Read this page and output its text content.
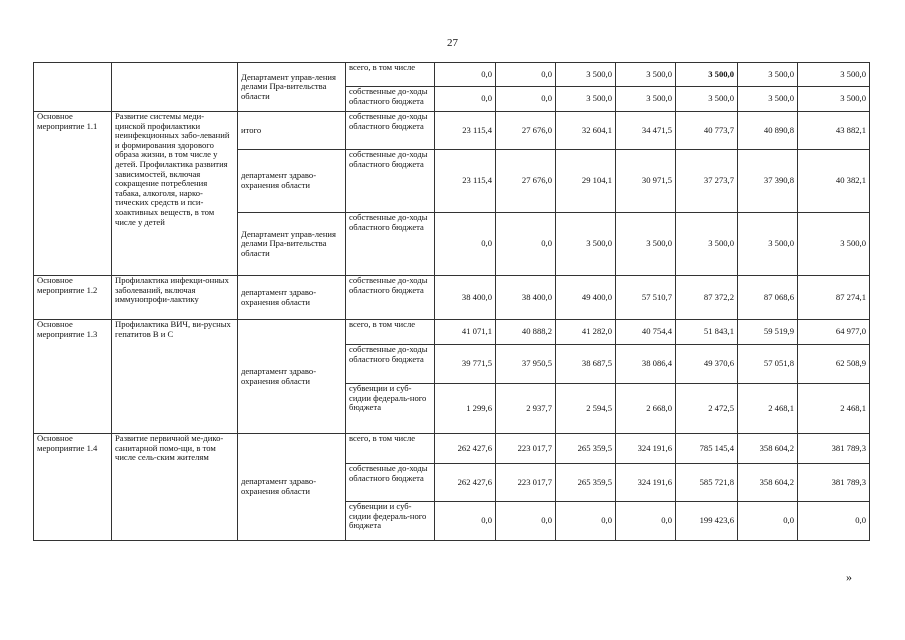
27
		Департамент управ-ления делами Пра-вительства области	всего, в том числе	0,0	0,0	3 500,0	3 500,0	3 500,0	3 500,0	3 500,0
			собственные до-ходы областного бюджета	0,0	0,0	3 500,0	3 500,0	3 500,0	3 500,0	3 500,0
Основное мероприятие 1.1	Развитие системы меди-цинской профилактики неинфекционных забо-леваний и формирования здорового образа жизни, в том числе у детей. Профилактика развития зависимостей, включая сокращение потребления табака, алкоголя, нарко-тических средств и пси-хоактивных веществ, в том числе у детей	итого	собственные до-ходы областного бюджета	23 115,4	27 676,0	32 604,1	34 471,5	40 773,7	40 890,8	43 882,1
		департамент здраво-охранения области	собственные до-ходы областного бюджета	23 115,4	27 676,0	29 104,1	30 971,5	37 273,7	37 390,8	40 382,1
		Департамент управ-ления делами Пра-вительства области	собственные до-ходы областного бюджета	0,0	0,0	3 500,0	3 500,0	3 500,0	3 500,0	3 500,0
Основное мероприятие 1.2	Профилактика инфекци-онных заболеваний, включая иммунопрофи-лактику	департамент здраво-охранения области	собственные до-ходы областного бюджета	38 400,0	38 400,0	49 400,0	57 510,7	87 372,2	87 068,6	87 274,1
Основное мероприятие 1.3	Профилактика ВИЧ, ви-русных гепатитов В и С	департамент здраво-охранения области	всего, в том числе	41 071,1	40 888,2	41 282,0	40 754,4	51 843,1	59 519,9	64 977,0
			собственные до-ходы областного бюджета	39 771,5	37 950,5	38 687,5	38 086,4	49 370,6	57 051,8	62 508,9
			субвенции и суб-сидии федераль-ного бюджета	1 299,6	2 937,7	2 594,5	2 668,0	2 472,5	2 468,1	2 468,1
Основное мероприятие 1.4	Развитие первичной ме-дико-санитарной помо-щи, в том числе сель-ским жителям	департамент здраво-охранения области	всего, в том числе	262 427,6	223 017,7	265 359,5	324 191,6	785 145,4	358 604,2	381 789,3
			собственные до-ходы областного бюджета	262 427,6	223 017,7	265 359,5	324 191,6	585 721,8	358 604,2	381 789,3
			субвенции и суб-сидии федераль-ного бюджета	0,0	0,0	0,0	0,0	199 423,6	0,0	0,0
»
